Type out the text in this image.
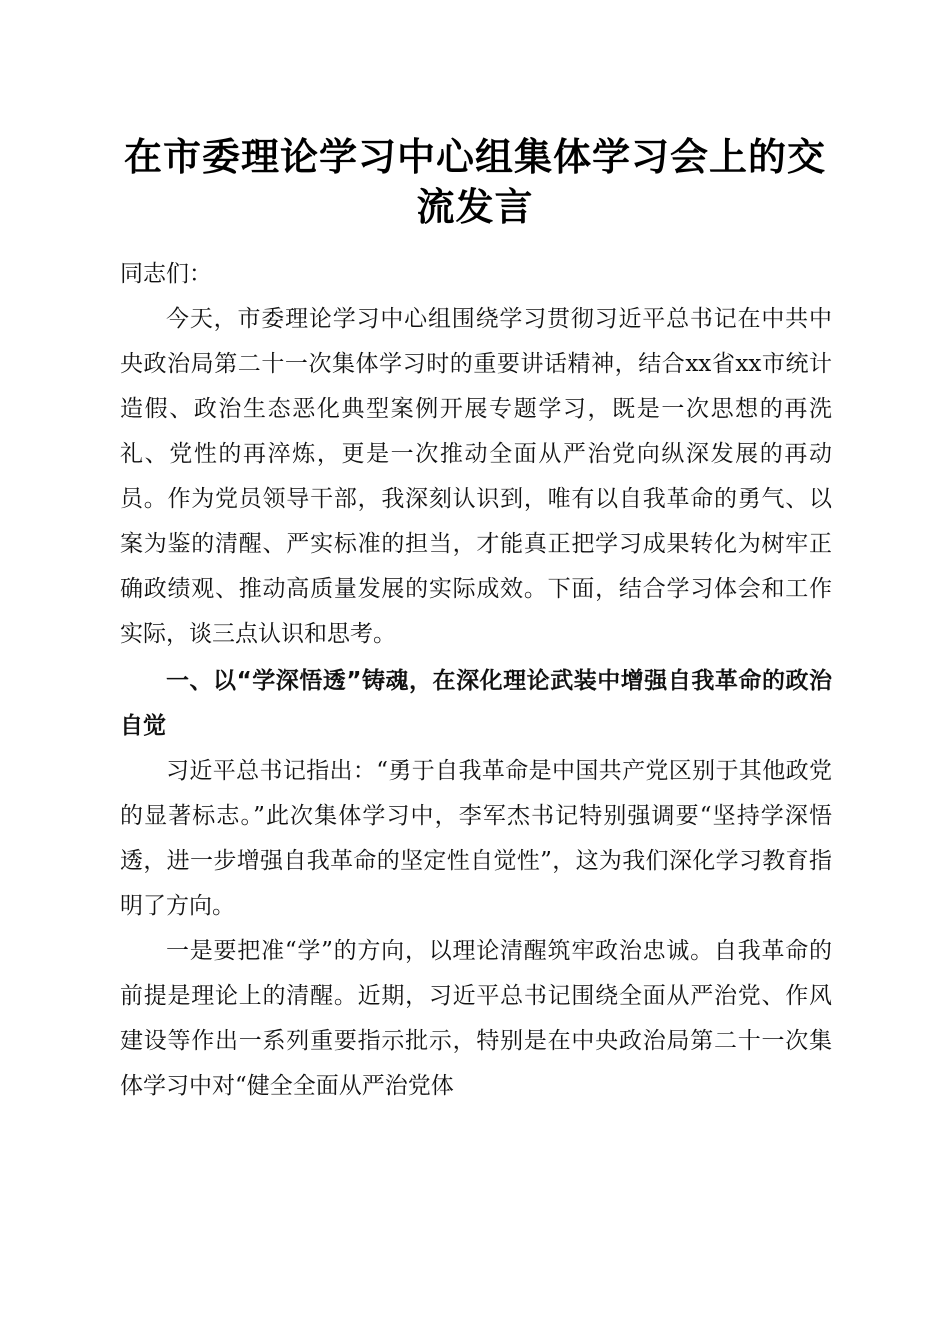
在市委理论学习中心组集体学习会上的交流发言

同志们：

今天，市委理论学习中心组围绕学习贯彻习近平总书记在中共中央政治局第二十一次集体学习时的重要讲话精神，结合xx省xx市统计造假、政治生态恶化典型案例开展专题学习，既是一次思想的再洗礼、党性的再淬炼，更是一次推动全面从严治党向纵深发展的再动员。作为党员领导干部，我深刻认识到，唯有以自我革命的勇气、以案为鉴的清醒、严实标准的担当，才能真正把学习成果转化为树牢正确政绩观、推动高质量发展的实际成效。下面，结合学习体会和工作实际，谈三点认识和思考。

一、以“学深悟透”铸魂，在深化理论武装中增强自我革命的政治自觉

习近平总书记指出：“勇于自我革命是中国共产党区别于其他政党的显著标志。”此次集体学习中，李军杰书记特别强调要“坚持学深悟透，进一步增强自我革命的坚定性自觉性”，这为我们深化学习教育指明了方向。

一是要把准“学”的方向，以理论清醒筑牢政治忠诚。自我革命的前提是理论上的清醒。近期，习近平总书记围绕全面从严治党、作风建设等作出一系列重要指示批示，特别是在中央政治局第二十一次集体学习中对“健全全面从严治党体
